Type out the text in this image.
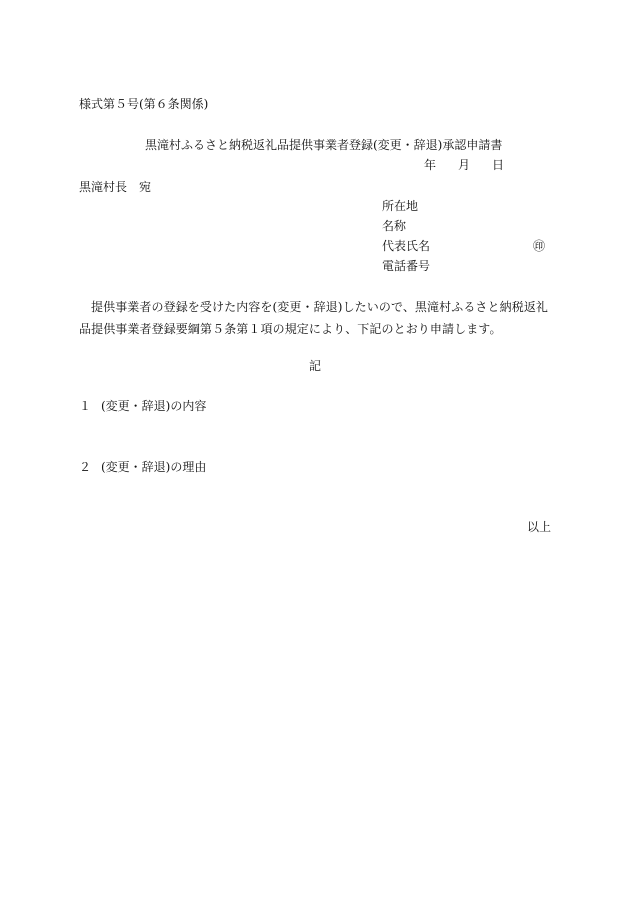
様式第５号(第６条関係)
黒滝村ふるさと納税返礼品提供事業者登録(変更・辞退)承認申請書
年 月 日
黒滝村長　宛
所在地
名称
代表氏名	㊞
電話番号
提供事業者の登録を受けた内容を(変更・辞退)したいので、黒滝村ふるさと納税返礼品提供事業者登録要綱第５条第１項の規定により、下記のとおり申請します。
記
１ (変更・辞退)の内容
２ (変更・辞退)の理由
以上
